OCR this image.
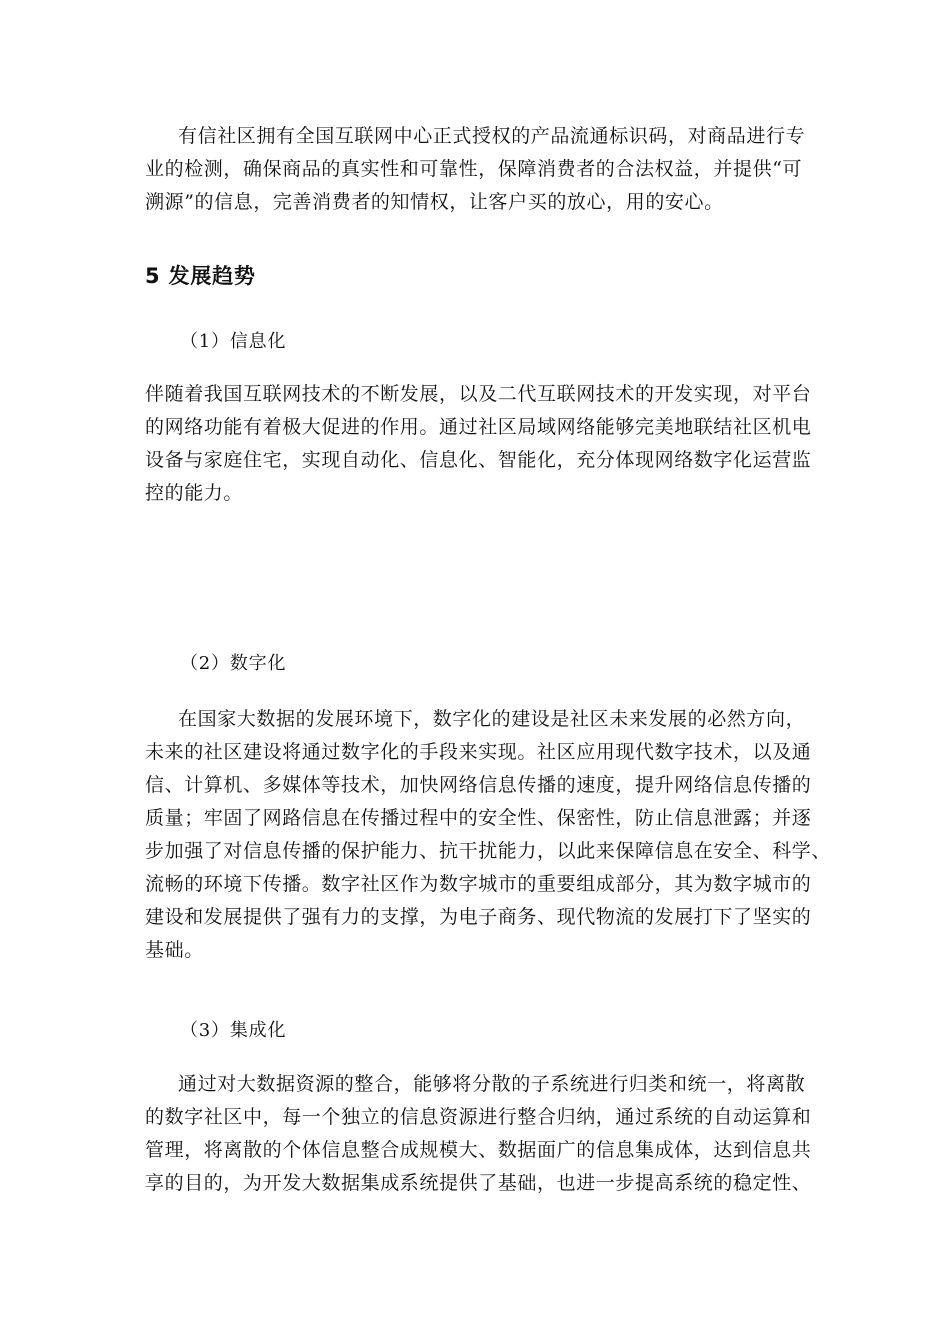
有信社区拥有全国互联网中心正式授权的产品流通标识码，对商品进行专
业的检测，确保商品的真实性和可靠性，保障消费者的合法权益，并提供“可
溯源”的信息，完善消费者的知情权，让客户买的放心，用的安心。
5 发展趋势

（1）信息化

伴随着我国互联网技术的不断发展，以及二代互联网技术的开发实现，对平台
的网络功能有着极大促进的作用。通过社区局域网络能够完美地联结社区机电
设备与家庭住宅，实现自动化、信息化、智能化，充分体现网络数字化运营监
控的能力。

（2）数字化

在国家大数据的发展环境下，数字化的建设是社区未来发展的必然方向，
未来的社区建设将通过数字化的手段来实现。社区应用现代数字技术，以及通
信、计算机、多媒体等技术，加快网络信息传播的速度，提升网络信息传播的
质量；牢固了网路信息在传播过程中的安全性、保密性，防止信息泄露；并逐
步加强了对信息传播的保护能力、抗干扰能力，以此来保障信息在安全、科学、
流畅的环境下传播。数字社区作为数字城市的重要组成部分，其为数字城市的
建设和发展提供了强有力的支撑，为电子商务、现代物流的发展打下了坚实的
基础。

（3）集成化

通过对大数据资源的整合，能够将分散的子系统进行归类和统一，将离散
的数字社区中，每一个独立的信息资源进行整合归纳，通过系统的自动运算和
管理，将离散的个体信息整合成规模大、数据面广的信息集成体，达到信息共
享的目的，为开发大数据集成系统提供了基础，也进一步提高系统的稳定性、
